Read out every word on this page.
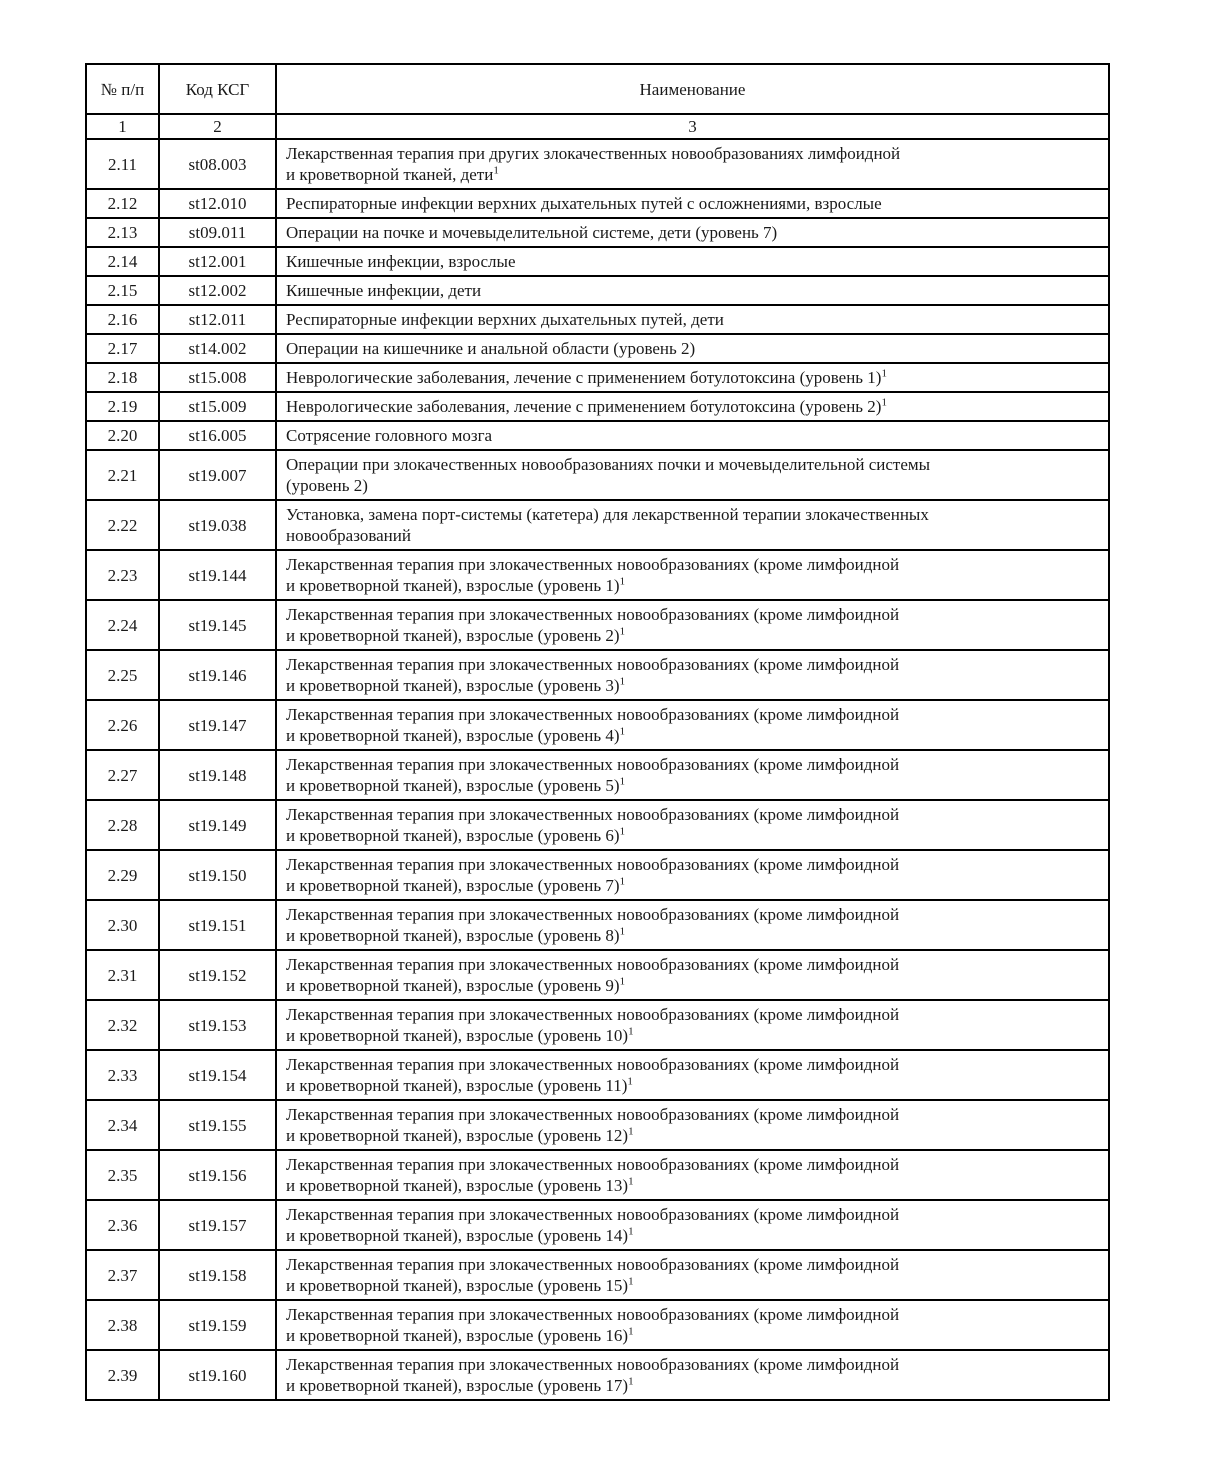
№ п/п	Код КСГ	Наименование
1	2	3
2.11	st08.003	Лекарственная терапия при других злокачественных новообразованиях лимфоидной
и кроветворной тканей, дети$^1$
2.12	st12.010	Респираторные инфекции верхних дыхательных путей с осложнениями, взрослые
2.13	st09.011	Операции на почке и мочевыделительной системе, дети (уровень 7)
2.14	st12.001	Кишечные инфекции, взрослые
2.15	st12.002	Кишечные инфекции, дети
2.16	st12.011	Респираторные инфекции верхних дыхательных путей, дети
2.17	st14.002	Операции на кишечнике и анальной области (уровень 2)
2.18	st15.008	Неврологические заболевания, лечение с применением ботулотоксина (уровень 1)$^1$
2.19	st15.009	Неврологические заболевания, лечение с применением ботулотоксина (уровень 2)$^1$
2.20	st16.005	Сотрясение головного мозга
2.21	st19.007	Операции при злокачественных новообразованиях почки и мочевыделительной системы
(уровень 2)
2.22	st19.038	Установка, замена порт-системы (катетера) для лекарственной терапии злокачественных
новообразований
2.23	st19.144	Лекарственная терапия при злокачественных новообразованиях (кроме лимфоидной
и кроветворной тканей), взрослые (уровень 1)$^1$
2.24	st19.145	Лекарственная терапия при злокачественных новообразованиях (кроме лимфоидной
и кроветворной тканей), взрослые (уровень 2)$^1$
2.25	st19.146	Лекарственная терапия при злокачественных новообразованиях (кроме лимфоидной
и кроветворной тканей), взрослые (уровень 3)$^1$
2.26	st19.147	Лекарственная терапия при злокачественных новообразованиях (кроме лимфоидной
и кроветворной тканей), взрослые (уровень 4)$^1$
2.27	st19.148	Лекарственная терапия при злокачественных новообразованиях (кроме лимфоидной
и кроветворной тканей), взрослые (уровень 5)$^1$
2.28	st19.149	Лекарственная терапия при злокачественных новообразованиях (кроме лимфоидной
и кроветворной тканей), взрослые (уровень 6)$^1$
2.29	st19.150	Лекарственная терапия при злокачественных новообразованиях (кроме лимфоидной
и кроветворной тканей), взрослые (уровень 7)$^1$
2.30	st19.151	Лекарственная терапия при злокачественных новообразованиях (кроме лимфоидной
и кроветворной тканей), взрослые (уровень 8)$^1$
2.31	st19.152	Лекарственная терапия при злокачественных новообразованиях (кроме лимфоидной
и кроветворной тканей), взрослые (уровень 9)$^1$
2.32	st19.153	Лекарственная терапия при злокачественных новообразованиях (кроме лимфоидной
и кроветворной тканей), взрослые (уровень 10)$^1$
2.33	st19.154	Лекарственная терапия при злокачественных новообразованиях (кроме лимфоидной
и кроветворной тканей), взрослые (уровень 11)$^1$
2.34	st19.155	Лекарственная терапия при злокачественных новообразованиях (кроме лимфоидной
и кроветворной тканей), взрослые (уровень 12)$^1$
2.35	st19.156	Лекарственная терапия при злокачественных новообразованиях (кроме лимфоидной
и кроветворной тканей), взрослые (уровень 13)$^1$
2.36	st19.157	Лекарственная терапия при злокачественных новообразованиях (кроме лимфоидной
и кроветворной тканей), взрослые (уровень 14)$^1$
2.37	st19.158	Лекарственная терапия при злокачественных новообразованиях (кроме лимфоидной
и кроветворной тканей), взрослые (уровень 15)$^1$
2.38	st19.159	Лекарственная терапия при злокачественных новообразованиях (кроме лимфоидной
и кроветворной тканей), взрослые (уровень 16)$^1$
2.39	st19.160	Лекарственная терапия при злокачественных новообразованиях (кроме лимфоидной
и кроветворной тканей), взрослые (уровень 17)$^1$
